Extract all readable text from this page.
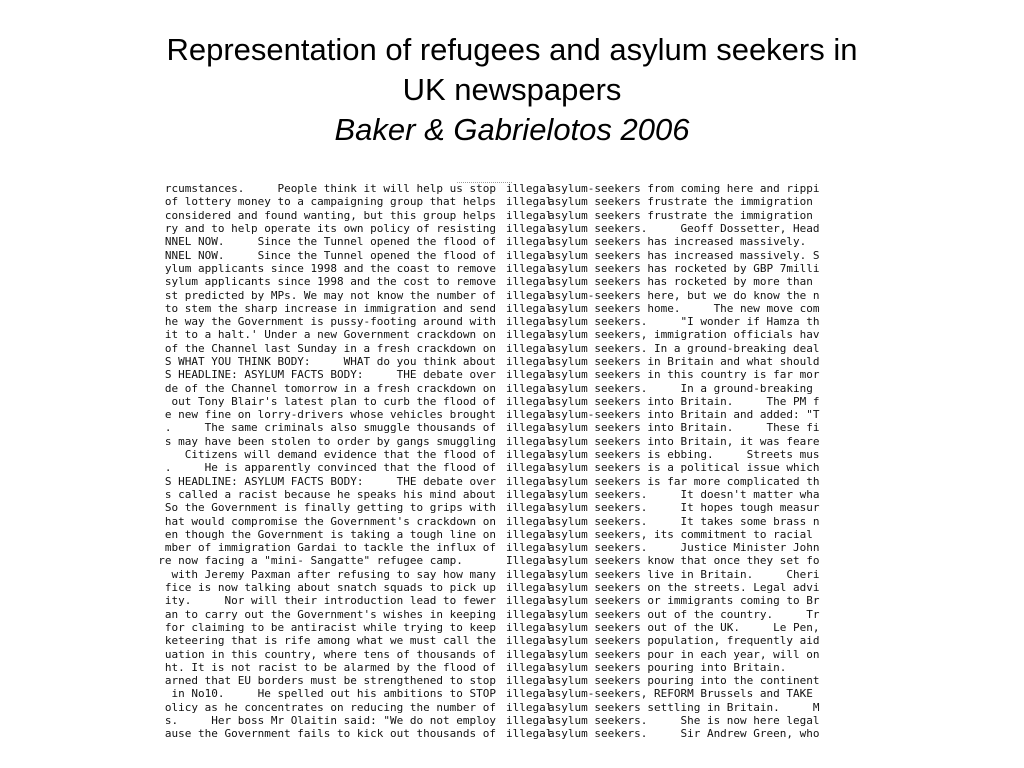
Representation of refugees and asylum seekers in
UK newspapers
Baker & Gabrielotos 2006
rcumstances.     People think it will help us stop illegal
asylum-seekers from coming here and rippi
of lottery money to a campaigning group that helps illegal
asylum seekers frustrate the immigration
considered and found wanting, but this group helps illegal
asylum seekers frustrate the immigration
ry and to help operate its own policy of resisting illegal
asylum seekers.     Geoff Dossetter, Head
NNEL NOW.     Since the Tunnel opened the flood of illegal
asylum seekers has increased massively.
NNEL NOW.     Since the Tunnel opened the flood of illegal
asylum seekers has increased massively. S
ylum applicants since 1998 and the coast to remove illegal
asylum seekers has rocketed by GBP 7milli
sylum applicants since 1998 and the cost to remove illegal
asylum seekers has rocketed by more than
st predicted by MPs. We may not know the number of illegal
asylum-seekers here, but we do know the n
to stem the sharp increase in immigration and send illegal
asylum seekers home.     The new move com
he way the Government is pussy-footing around with illegal
asylum seekers.     "I wonder if Hamza th
it to a halt.' Under a new Government crackdown on illegal
asylum seekers, immigration officials hav
of the Channel last Sunday in a fresh crackdown on illegal
asylum seekers. In a ground-breaking deal
S WHAT YOU THINK BODY:     WHAT do you think about illegal
asylum seekers in Britain and what should
S HEADLINE: ASYLUM FACTS BODY:     THE debate over illegal
asylum seekers in this country is far mor
de of the Channel tomorrow in a fresh crackdown on illegal
asylum seekers.     In a ground-breaking
out Tony Blair's latest plan to curb the flood of illegal
asylum seekers into Britain.     The PM f
e new fine on lorry-drivers whose vehicles brought illegal
asylum-seekers into Britain and added: "T
.     The same criminals also smuggle thousands of illegal
asylum seekers into Britain.     These fi
s may have been stolen to order by gangs smuggling illegal
asylum seekers into Britain, it was feare
Citizens will demand evidence that the flood of illegal
asylum seekers is ebbing.     Streets mus
.     He is apparently convinced that the flood of illegal
asylum seekers is a political issue which
S HEADLINE: ASYLUM FACTS BODY:     THE debate over illegal
asylum seekers is far more complicated th
s called a racist because he speaks his mind about illegal
asylum seekers.     It doesn't matter wha
So the Government is finally getting to grips with illegal
asylum seekers.     It hopes tough measur
hat would compromise the Government's crackdown on illegal
asylum seekers.     It takes some brass n
en though the Government is taking a tough line on illegal
asylum seekers, its commitment to racial
mber of immigration Gardai to tackle the influx of illegal
asylum seekers.     Justice Minister John
re now facing a "mini- Sangatte" refugee camp. Illegal
asylum seekers know that once they set fo
with Jeremy Paxman after refusing to say how many illegal
asylum seekers live in Britain.     Cheri
fice is now talking about snatch squads to pick up illegal
asylum seekers on the streets. Legal advi
ity.     Nor will their introduction lead to fewer illegal
asylum seekers or immigrants coming to Br
an to carry out the Government's wishes in keeping illegal
asylum seekers out of the country.     Tr
for claiming to be antiracist while trying to keep illegal
asylum seekers out of the UK.     Le Pen,
keteering that is rife among what we must call the illegal
asylum seekers population, frequently aid
uation in this country, where tens of thousands of illegal
asylum seekers pour in each year, will on
ht. It is not racist to be alarmed by the flood of illegal
asylum seekers pouring into Britain.
arned that EU borders must be strengthened to stop illegal
asylum seekers pouring into the continent
in No10.     He spelled out his ambitions to STOP illegal
asylum-seekers, REFORM Brussels and TAKE
olicy as he concentrates on reducing the number of illegal
asylum seekers settling in Britain.     M
s.     Her boss Mr Olaitin said: "We do not employ illegal
asylum seekers.     She is now here legal
ause the Government fails to kick out thousands of illegal
asylum seekers.     Sir Andrew Green, who
